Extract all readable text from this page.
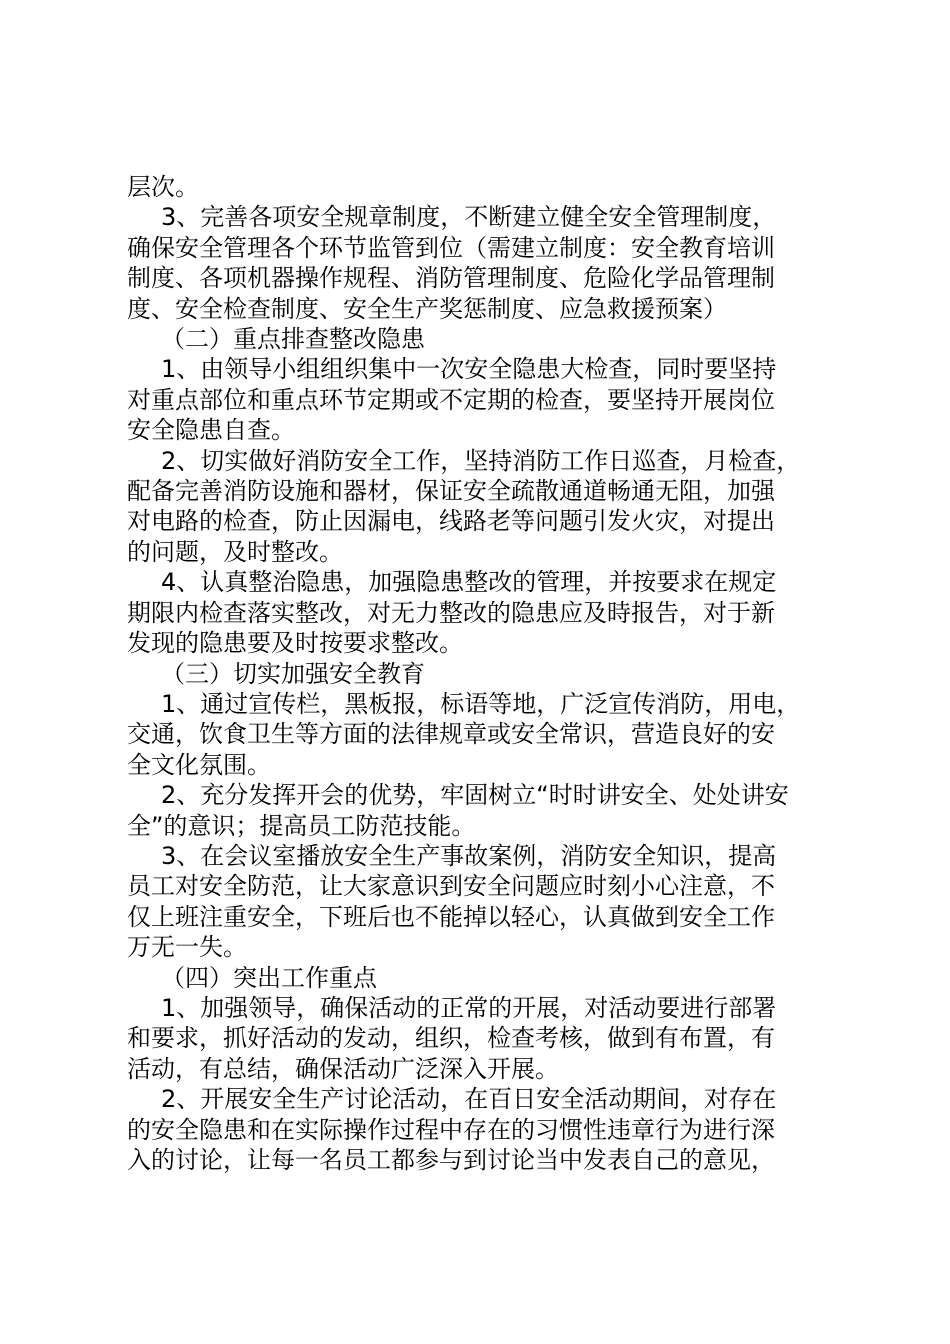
层次。

3、完善各项安全规章制度，不断建立健全安全管理制度，

确保安全管理各个环节监管到位（需建立制度：安全教育培训

制度、各项机器操作规程、消防管理制度、危险化学品管理制

度、安全检查制度、安全生产奖惩制度、应急救援预案）

（二）重点排查整改隐患

1、由领导小组组织集中一次安全隐患大检查，同时要坚持

对重点部位和重点环节定期或不定期的检查，要坚持开展岗位

安全隐患自查。

2、切实做好消防安全工作，坚持消防工作日巡查，月检查，

配备完善消防设施和器材，保证安全疏散通道畅通无阻，加强

对电路的检查，防止因漏电，线路老等问题引发火灾，对提出

的问题，及时整改。

4、认真整治隐患，加强隐患整改的管理，并按要求在规定

期限内检查落实整改，对无力整改的隐患应及時报告，对于新

发现的隐患要及时按要求整改。

（三）切实加强安全教育

1、通过宣传栏，黑板报，标语等地，广泛宣传消防，用电，

交通，饮食卫生等方面的法律规章或安全常识，营造良好的安

全文化氛围。

2、充分发挥开会的优势，牢固树立“时时讲安全、处处讲安

全”的意识；提高员工防范技能。

3、在会议室播放安全生产事故案例，消防安全知识，提高

员工对安全防范，让大家意识到安全问题应时刻小心注意，不

仅上班注重安全，下班后也不能掉以轻心，认真做到安全工作

万无一失。

（四）突出工作重点

1、加强领导，确保活动的正常的开展，对活动要进行部署

和要求，抓好活动的发动，组织，检查考核，做到有布置，有

活动，有总结，确保活动广泛深入开展。

2、开展安全生产讨论活动，在百日安全活动期间，对存在

的安全隐患和在实际操作过程中存在的习惯性违章行为进行深

入的讨论，让每一名员工都参与到讨论当中发表自己的意见，
